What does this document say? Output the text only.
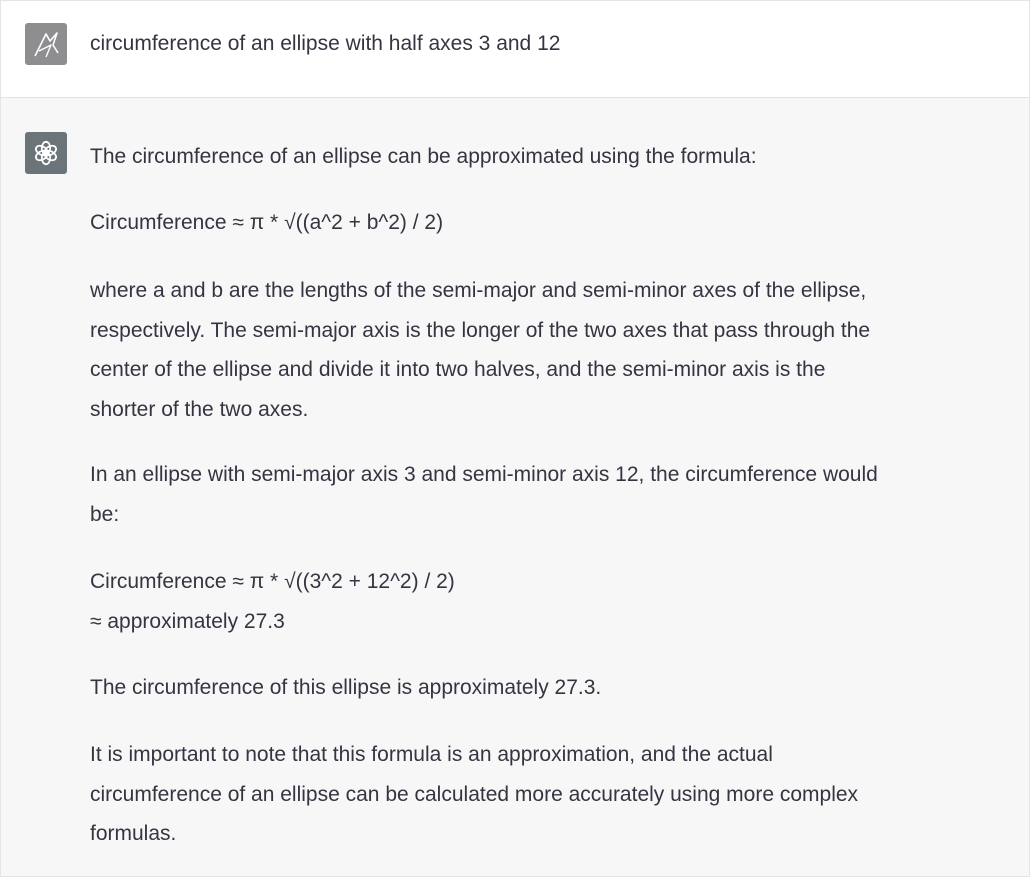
circumference of an ellipse with half axes 3 and 12

The circumference of an ellipse can be approximated using the formula:

Circumference ≈ π * √((a^2 + b^2) / 2)

where a and b are the lengths of the semi-major and semi-minor axes of the ellipse,
respectively. The semi-major axis is the longer of the two axes that pass through the
center of the ellipse and divide it into two halves, and the semi-minor axis is the
shorter of the two axes.

In an ellipse with semi-major axis 3 and semi-minor axis 12, the circumference would
be:

Circumference ≈ π * √((3^2 + 12^2) / 2)
≈ approximately 27.3

The circumference of this ellipse is approximately 27.3.

It is important to note that this formula is an approximation, and the actual
circumference of an ellipse can be calculated more accurately using more complex
formulas.
